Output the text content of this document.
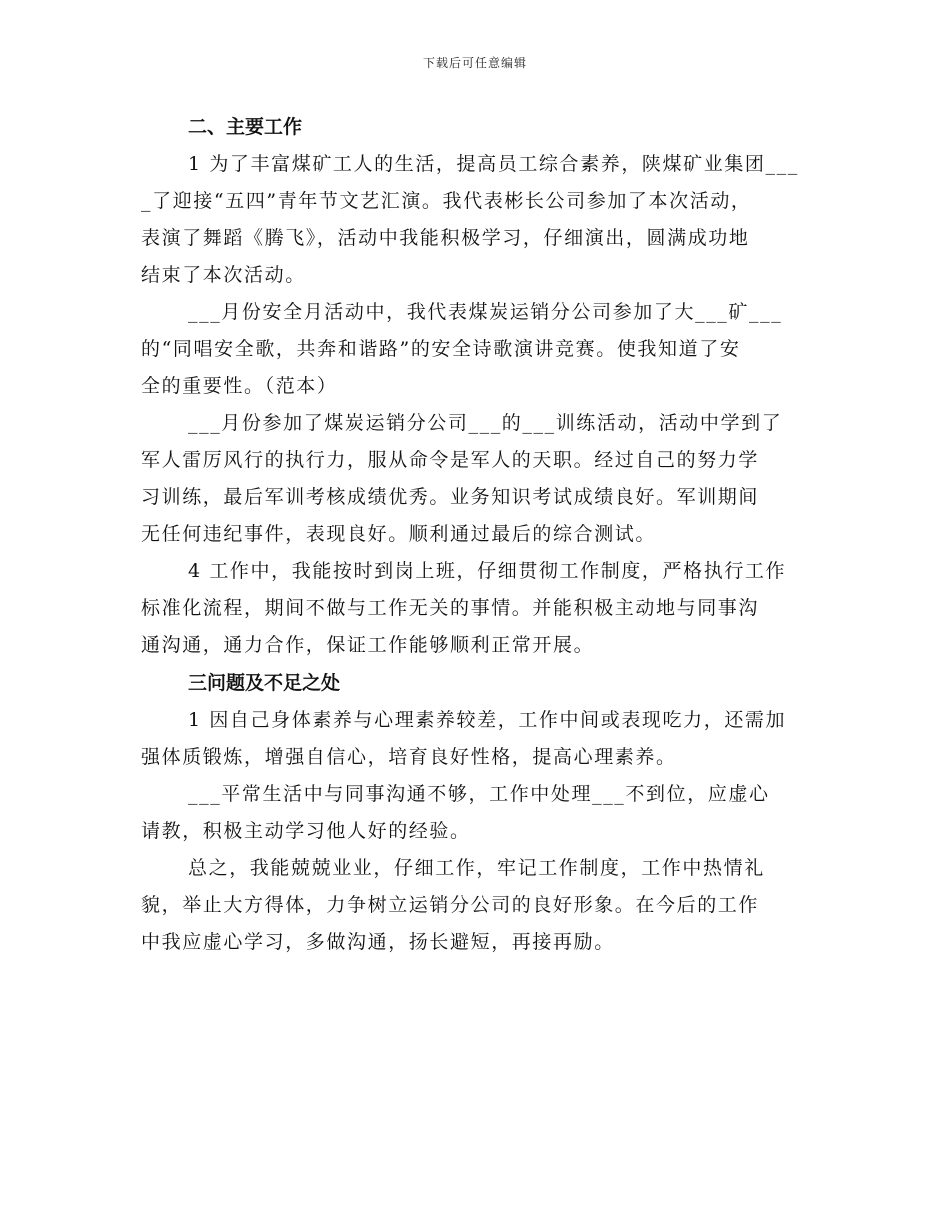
下载后可任意编辑
二、主要工作
1 为了丰富煤矿工人的生活，提高员工综合素养，陕煤矿业集团___
_了迎接“五四”青年节文艺汇演。我代表彬长公司参加了本次活动，
表演了舞蹈《腾飞》，活动中我能积极学习，仔细演出，圆满成功地
结束了本次活动。
___月份安全月活动中，我代表煤炭运销分公司参加了大___矿___
的“同唱安全歌，共奔和谐路”的安全诗歌演讲竞赛。使我知道了安
全的重要性。（范本）
___月份参加了煤炭运销分公司___的___训练活动，活动中学到了
军人雷厉风行的执行力，服从命令是军人的天职。经过自己的努力学
习训练，最后军训考核成绩优秀。业务知识考试成绩良好。军训期间
无任何违纪事件，表现良好。顺利通过最后的综合测试。
4 工作中，我能按时到岗上班，仔细贯彻工作制度，严格执行工作
标准化流程，期间不做与工作无关的事情。并能积极主动地与同事沟
通沟通，通力合作，保证工作能够顺利正常开展。
三问题及不足之处
1 因自己身体素养与心理素养较差，工作中间或表现吃力，还需加
强体质锻炼，增强自信心，培育良好性格，提高心理素养。
___平常生活中与同事沟通不够，工作中处理___不到位，应虚心
请教，积极主动学习他人好的经验。
总之，我能兢兢业业，仔细工作，牢记工作制度，工作中热情礼
貌，举止大方得体，力争树立运销分公司的良好形象。在今后的工作
中我应虚心学习，多做沟通，扬长避短，再接再励。
